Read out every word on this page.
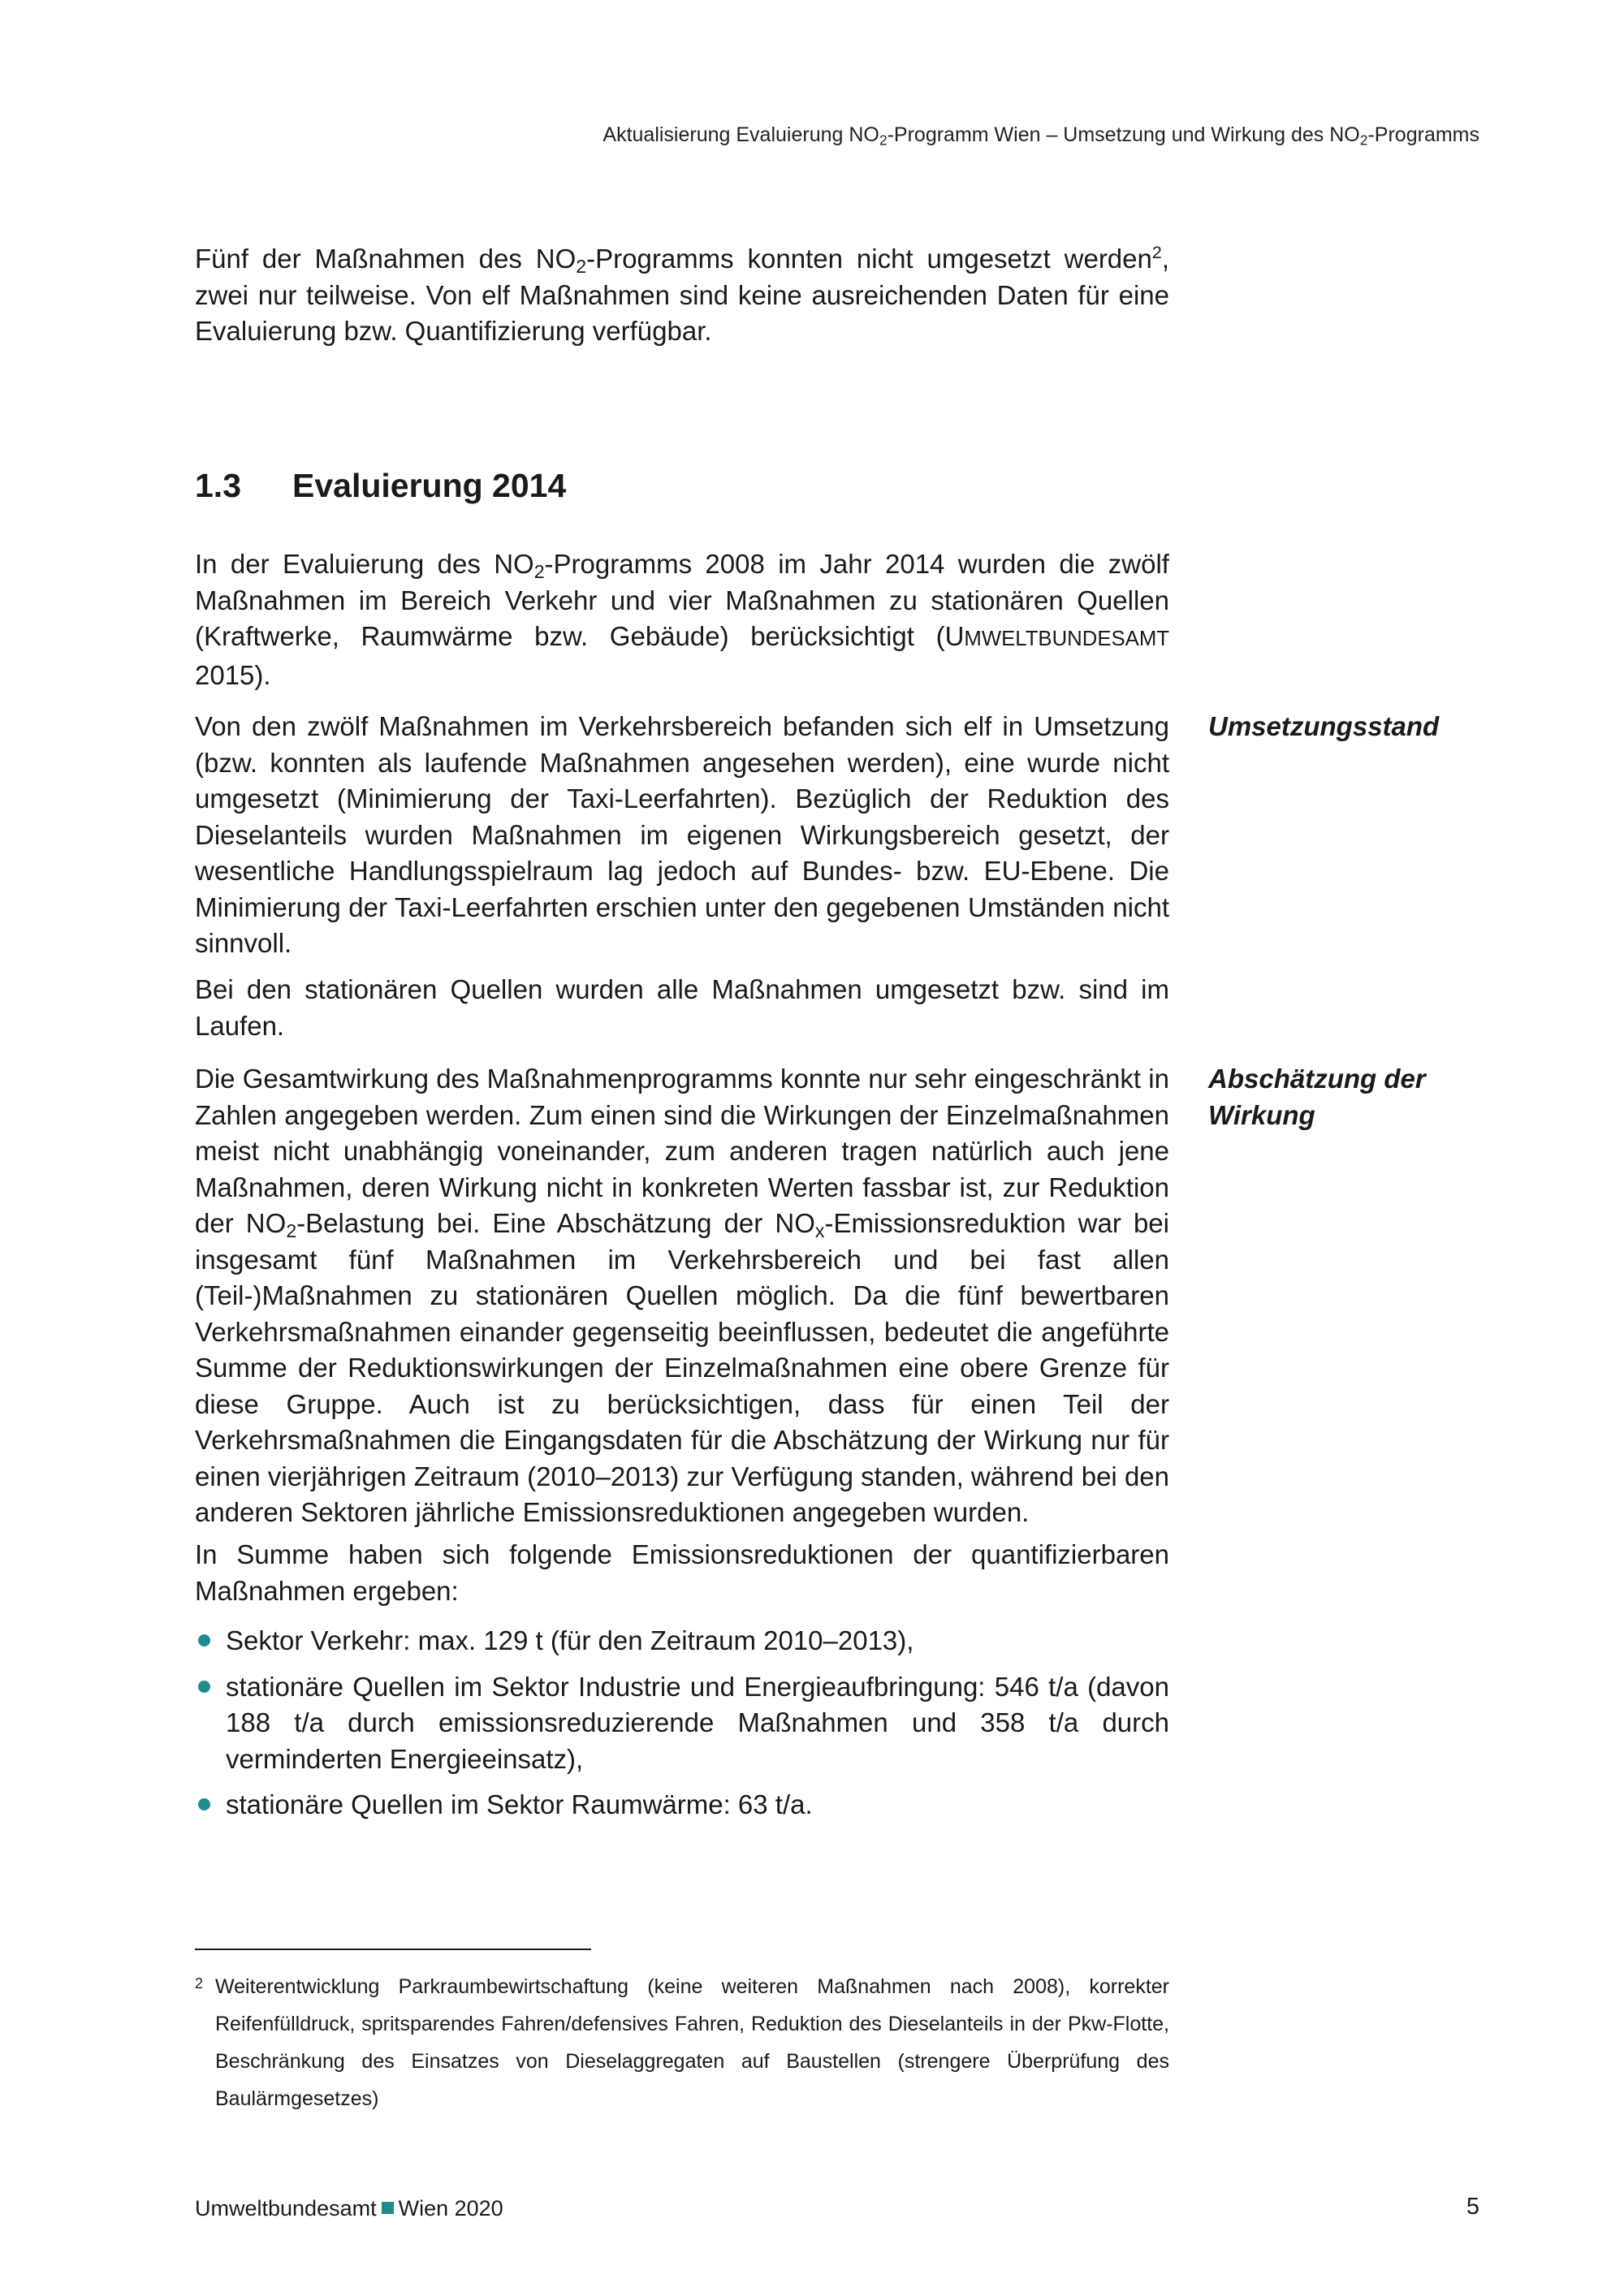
Aktualisierung Evaluierung $NO_2$-Programm Wien – Umsetzung und Wirkung des $NO_2$-Programms

Fünf der Maßnahmen des $NO_2$-Programms konnten nicht umgesetzt werden$^2$, zwei nur teilweise. Von elf Maßnahmen sind keine ausreichenden Daten für eine Evaluierung bzw. Quantifizierung verfügbar.

1.3 Evaluierung 2014

In der Evaluierung des $NO_2$-Programms 2008 im Jahr 2014 wurden die zwölf Maßnahmen im Bereich Verkehr und vier Maßnahmen zu stationären Quellen (Kraftwerke, Raumwärme bzw. Gebäude) berücksichtigt (UMWELTBUNDESAMT 2015).

Umsetzungsstand

Von den zwölf Maßnahmen im Verkehrsbereich befanden sich elf in Umsetzung (bzw. konnten als laufende Maßnahmen angesehen werden), eine wurde nicht umgesetzt (Minimierung der Taxi-Leerfahrten). Bezüglich der Reduktion des Dieselanteils wurden Maßnahmen im eigenen Wirkungsbereich gesetzt, der wesentliche Handlungsspielraum lag jedoch auf Bundes- bzw. EU-Ebene. Die Minimierung der Taxi-Leerfahrten erschien unter den gegebenen Umständen nicht sinnvoll.

Bei den stationären Quellen wurden alle Maßnahmen umgesetzt bzw. sind im Laufen.

Abschätzung der Wirkung

Die Gesamtwirkung des Maßnahmenprogramms konnte nur sehr eingeschränkt in Zahlen angegeben werden. Zum einen sind die Wirkungen der Einzelmaßnahmen meist nicht unabhängig voneinander, zum anderen tragen natürlich auch jene Maßnahmen, deren Wirkung nicht in konkreten Werten fassbar ist, zur Reduktion der $NO_2$-Belastung bei. Eine Abschätzung der $NO_x$-Emissionsreduktion war bei insgesamt fünf Maßnahmen im Verkehrsbereich und bei fast allen (Teil-)Maßnahmen zu stationären Quellen möglich. Da die fünf bewertbaren Verkehrsmaßnahmen einander gegenseitig beeinflussen, bedeutet die angeführte Summe der Reduktionswirkungen der Einzelmaßnahmen eine obere Grenze für diese Gruppe. Auch ist zu berücksichtigen, dass für einen Teil der Verkehrsmaßnahmen die Eingangsdaten für die Abschätzung der Wirkung nur für einen vierjährigen Zeitraum (2010–2013) zur Verfügung standen, während bei den anderen Sektoren jährliche Emissionsreduktionen angegeben wurden.

In Summe haben sich folgende Emissionsreduktionen der quantifizierbaren Maßnahmen ergeben:

Sektor Verkehr: max. 129 t (für den Zeitraum 2010–2013),
stationäre Quellen im Sektor Industrie und Energieaufbringung: 546 t/a (davon 188 t/a durch emissionsreduzierende Maßnahmen und 358 t/a durch verminderten Energieeinsatz),
stationäre Quellen im Sektor Raumwärme: 63 t/a.
2 Weiterentwicklung Parkraumbewirtschaftung (keine weiteren Maßnahmen nach 2008), korrekter Reifenfülldruck, spritsparendes Fahren/defensives Fahren, Reduktion des Dieselanteils in der Pkw-Flotte, Beschränkung des Einsatzes von Dieselaggregaten auf Baustellen (strengere Überprüfung des Baulärmgesetzes)
Umweltbundesamt Wien 2020	5
